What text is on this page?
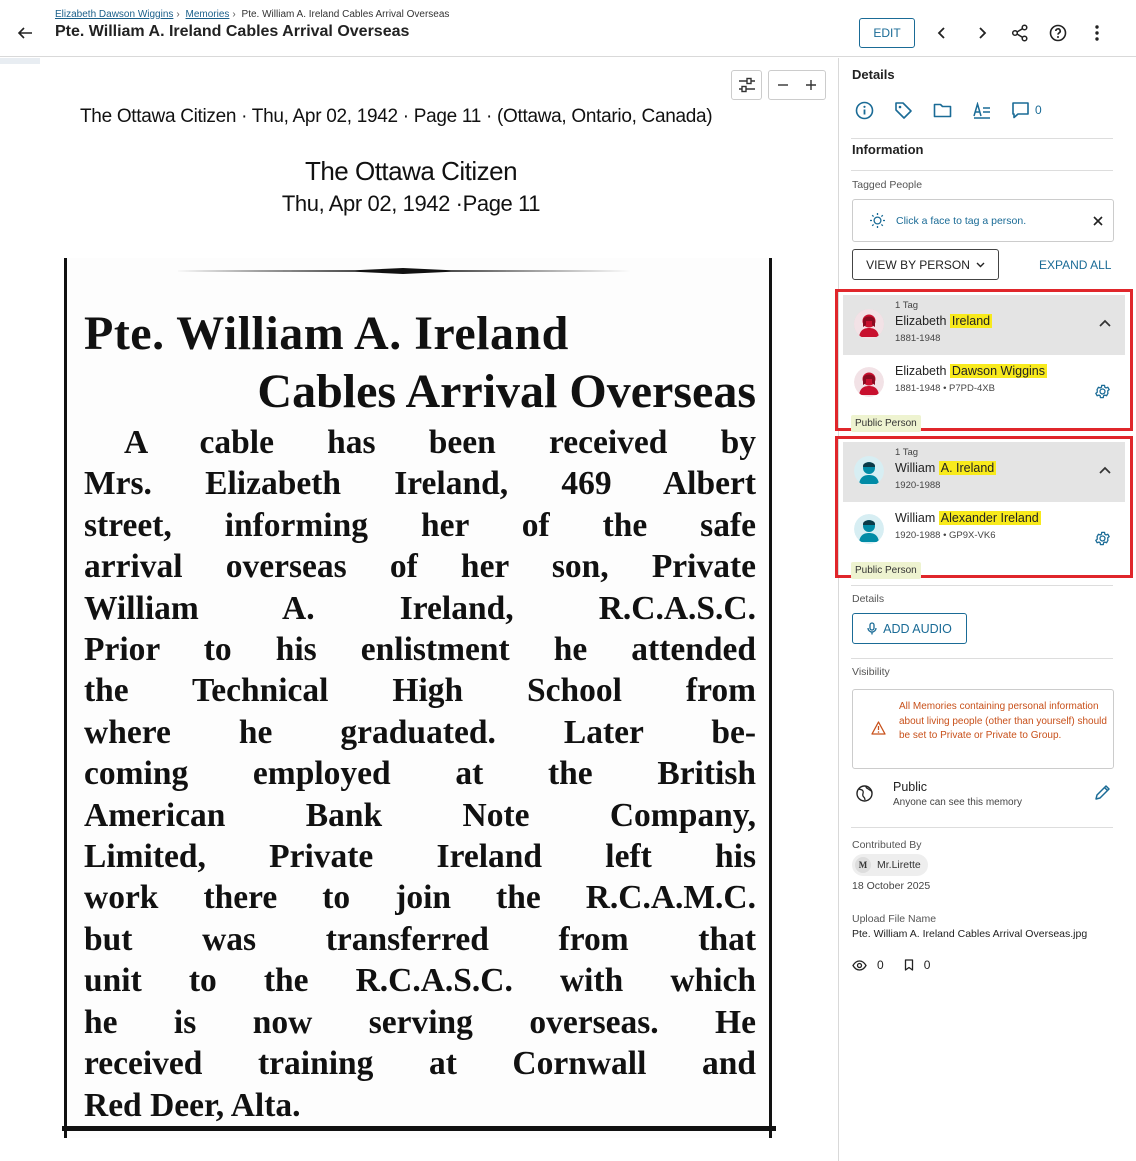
Elizabeth Dawson Wiggins › Memories › Pte. William A. Ireland Cables Arrival Overseas
Pte. William A. Ireland Cables Arrival Overseas	EDIT
The Ottawa Citizen · Thu, Apr 02, 1942 · Page 11 · (Ottawa, Ontario, Canada)
The Ottawa Citizen
Thu, Apr 02, 1942 ·Page 11
Pte. William A. Ireland
Cables Arrival Overseas
A cable has been received by
Mrs. Elizabeth Ireland, 469 Albert
street, informing her of the safe
arrival overseas of her son, Private
William A. Ireland, R.C.A.S.C.
Prior to his enlistment he attended
the Technical High School from
where he graduated. Later be-
coming employed at the British
American Bank Note Company,
Limited, Private Ireland left his
work there to join the R.C.A.M.C.
but was transferred from that
unit to the R.C.A.S.C. with which
he is now serving overseas. He
received training at Cornwall and
Red Deer, Alta.
Details
0
Information
Tagged People
Click a face to tag a person.
VIEW BY PERSON	EXPAND ALL
1 Tag
Elizabeth Ireland
1881-1948
Elizabeth Dawson Wiggins
1881-1948 • P7PD-4XB
Public Person
1 Tag
William A. Ireland
1920-1988
William Alexander Ireland
1920-1988 • GP9X-VK6
Public Person
Details
ADD AUDIO
Visibility
All Memories containing personal information about living people (other than yourself) should be set to Private or Private to Group.
Public
Anyone can see this memory
Contributed By
M Mr.Lirette
18 October 2025
Upload File Name
Pte. William A. Ireland Cables Arrival Overseas.jpg
0	0
